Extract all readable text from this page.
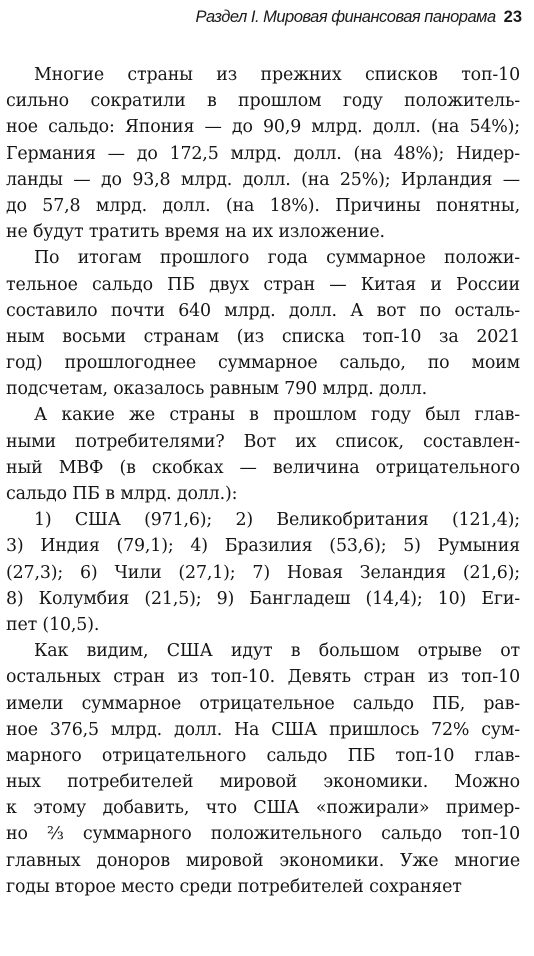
Раздел I. Мировая финансовая панорама 23
Многие страны из прежних списков топ-10
сильно сократили в прошлом году положитель-
ное сальдо: Япония — до 90,9 млрд. долл. (на 54%);
Германия — до 172,5 млрд. долл. (на 48%); Нидер-
ланды — до 93,8 млрд. долл. (на 25%); Ирландия —
до 57,8 млрд. долл. (на 18%). Причины понятны,
не будут тратить время на их изложение.
По итогам прошлого года суммарное положи-
тельное сальдо ПБ двух стран — Китая и России
составило почти 640 млрд. долл. А вот по осталь-
ным восьми странам (из списка топ-10 за 2021
год) прошлогоднее суммарное сальдо, по моим
подсчетам, оказалось равным 790 млрд. долл.
А какие же страны в прошлом году был глав-
ными потребителями? Вот их список, составлен-
ный МВФ (в скобках — величина отрицательного
сальдо ПБ в млрд. долл.):
1) США (971,6); 2) Великобритания (121,4);
3) Индия (79,1); 4) Бразилия (53,6); 5) Румыния
(27,3); 6) Чили (27,1); 7) Новая Зеландия (21,6);
8) Колумбия (21,5); 9) Бангладеш (14,4); 10) Еги-
пет (10,5).
Как видим, США идут в большом отрыве от
остальных стран из топ-10. Девять стран из топ-10
имели суммарное отрицательное сальдо ПБ, рав-
ное 376,5 млрд. долл. На США пришлось 72% сум-
марного отрицательного сальдо ПБ топ-10 глав-
ных потребителей мировой экономики. Можно
к этому добавить, что США «пожирали» пример-
но ⅔ суммарного положительного сальдо топ-10
главных доноров мировой экономики. Уже многие
годы второе место среди потребителей сохраняет
